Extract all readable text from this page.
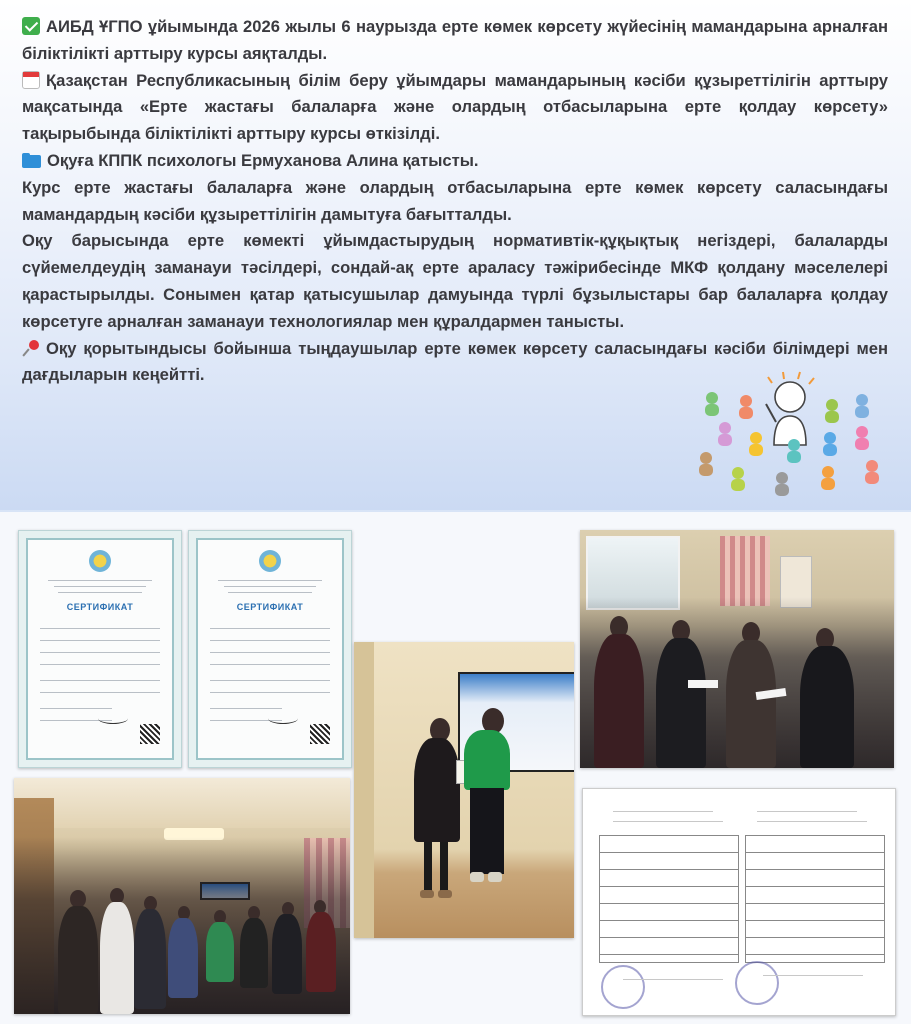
АИБД ҰГПО ұйымында 2026 жылы 6 наурызда ерте көмек көрсету жүйесінің мамандарына арналған біліктілікті арттыру курсы аяқталды.

Қазақстан Республикасының білім беру ұйымдары мамандарының кәсіби құзыреттілігін арттыру мақсатында «Ерте жастағы балаларға және олардың отбасыларына ерте қолдау көрсету» тақырыбында біліктілікті арттыру курсы өткізілді.

Оқуға КППК психологы Ермуханова Алина қатысты.

Курс ерте жастағы балаларға және олардың отбасыларына ерте көмек көрсету саласындағы мамандардың кәсіби құзыреттілігін дамытуға бағытталды.

Оқу барысында ерте көмекті ұйымдастырудың нормативтік-құқықтық негіздері, балаларды сүйемелдеудің заманауи тәсілдері, сондай-ақ ерте араласу тәжірибесінде МКФ қолдану мәселелері қарастырылды. Сонымен қатар қатысушылар дамуында түрлі бұзылыстары бар балаларға қолдау көрсетуге арналған заманауи технологиялар мен құралдармен танысты.

Оқу қорытындысы бойынша тыңдаушылар ерте көмек көрсету саласындағы кәсіби білімдері мен дағдыларын кеңейтті.

СЕРТИФИКАТ	СЕРТИФИКАТ
